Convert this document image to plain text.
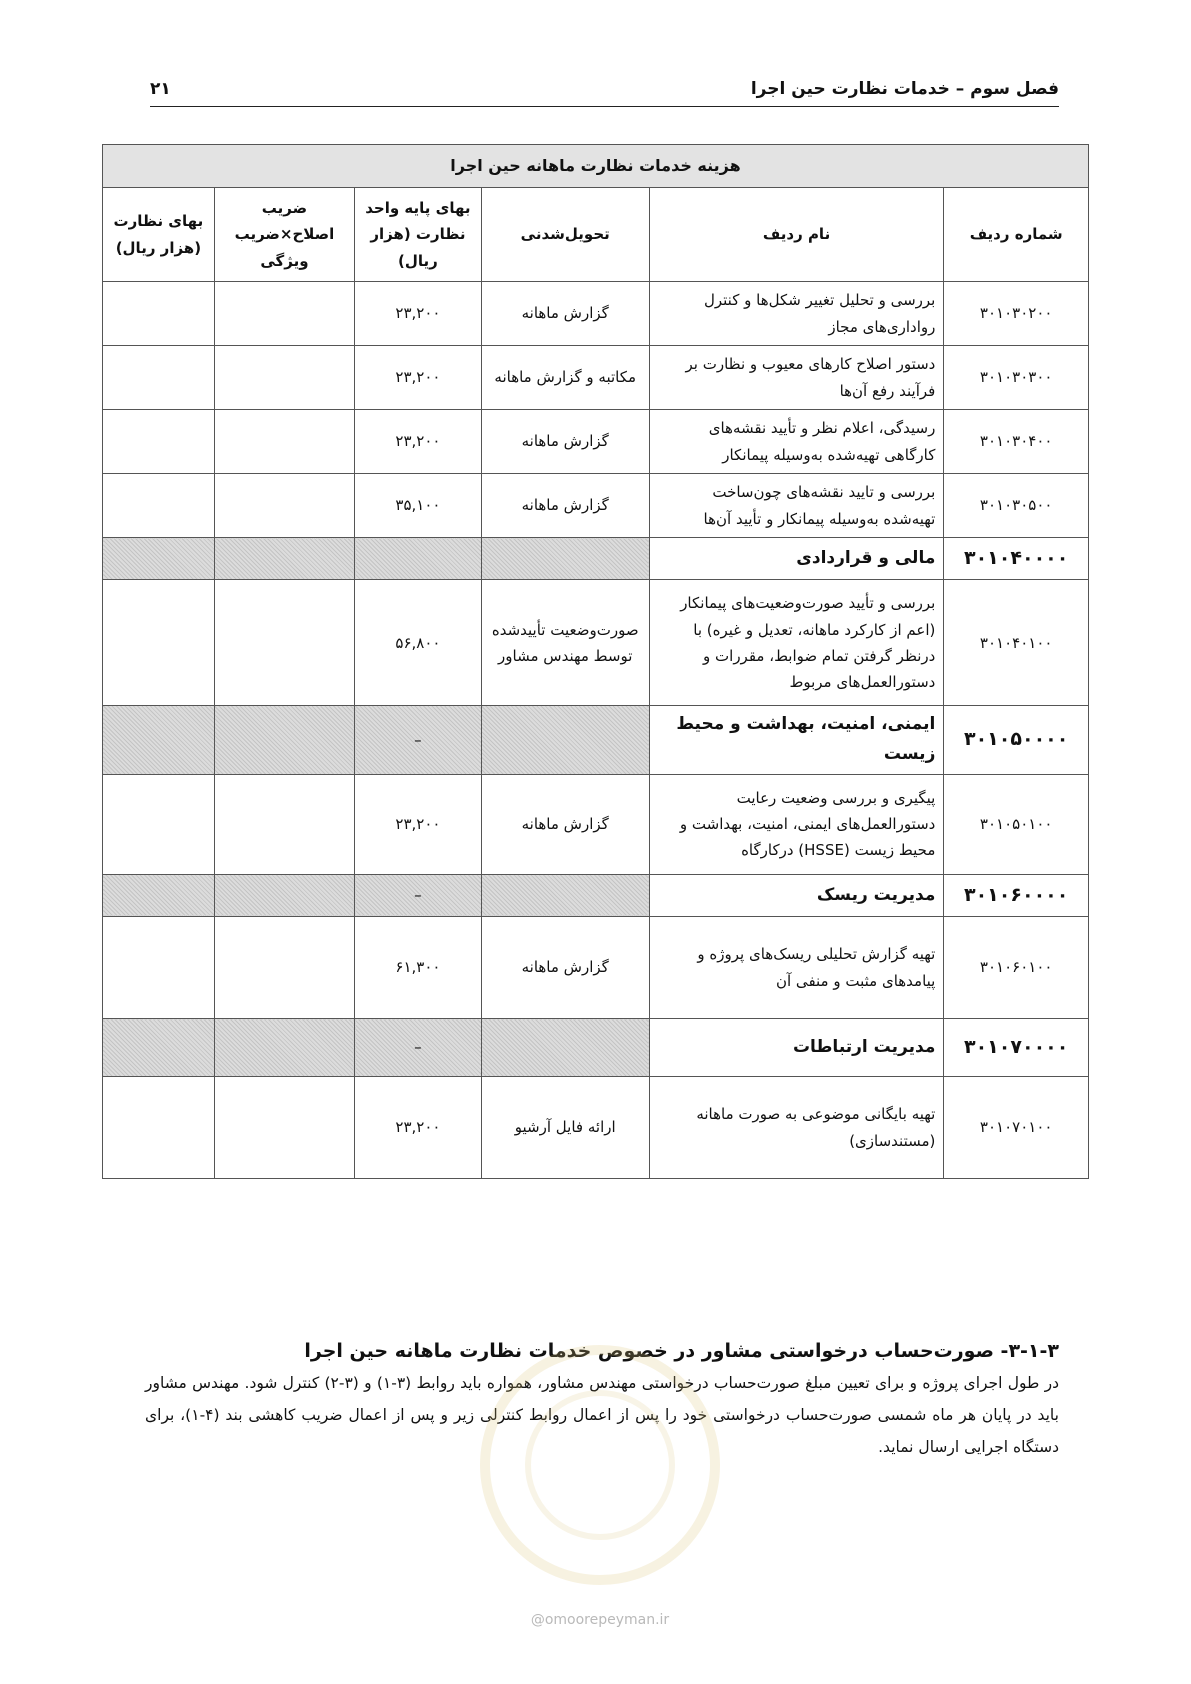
فصل سوم – خدمات نظارت حین اجرا
۲۱
هزینه خدمات نظارت ماهانه حین اجرا					
شماره ردیف	نام ردیف	تحویل‌شدنی	بهای پایه واحد نظارت (هزار ریال)	ضریب اصلاح×ضریب ویژگی	بهای نظارت (هزار ریال)
۳۰۱۰۳۰۲۰۰	بررسی و تحلیل تغییر شکل‌ها و کنترل رواداری‌های مجاز	گزارش ماهانه	۲۳,۲۰۰		
۳۰۱۰۳۰۳۰۰	دستور اصلاح کارهای معیوب و نظارت بر فرآیند رفع آن‌ها	مکاتبه و گزارش ماهانه	۲۳,۲۰۰		
۳۰۱۰۳۰۴۰۰	رسیدگی، اعلام نظر و تأیید نقشه‌های کارگاهی تهیه‌شده به‌وسیله پیمانکار	گزارش ماهانه	۲۳,۲۰۰		
۳۰۱۰۳۰۵۰۰	بررسی و تایید نقشه‌های چون‌ساخت تهیه‌شده به‌وسیله پیمانکار و تأیید آن‌ها	گزارش ماهانه	۳۵,۱۰۰		
۳۰۱۰۴۰۰۰۰	مالی و قراردادی				
۳۰۱۰۴۰۱۰۰	بررسی و تأیید صورت‌وضعیت‌های پیمانکار (اعم از کارکرد ماهانه، تعدیل و غیره) با درنظر گرفتن تمام ضوابط، مقررات و دستورالعمل‌های مربوط	صورت‌وضعیت تأییدشده توسط مهندس مشاور	۵۶,۸۰۰		
۳۰۱۰۵۰۰۰۰	ایمنی، امنیت، بهداشت و محیط زیست		–		
۳۰۱۰۵۰۱۰۰	پیگیری و بررسی وضعیت رعایت دستورالعمل‌های ایمنی، امنیت، بهداشت و محیط زیست (HSSE) درکارگاه	گزارش ماهانه	۲۳,۲۰۰		
۳۰۱۰۶۰۰۰۰	مدیریت ریسک		–		
۳۰۱۰۶۰۱۰۰	تهیه گزارش تحلیلی ریسک‌های پروژه و پیامدهای مثبت و منفی آن	گزارش ماهانه	۶۱,۳۰۰		
۳۰۱۰۷۰۰۰۰	مدیریت ارتباطات		–		
۳۰۱۰۷۰۱۰۰	تهیه بایگانی موضوعی به صورت ماهانه (مستندسازی)	ارائه فایل آرشیو	۲۳,۲۰۰		
۳-۱-۳- صورت‌حساب درخواستی مشاور در خصوص خدمات نظارت ماهانه حین اجرا

در طول اجرای پروژه و برای تعیین مبلغ صورت‌حساب درخواستی مهندس مشاور، همواره باید روابط (۳-۱) و (۳-۲) کنترل شود. مهندس مشاور باید در پایان هر ماه شمسی صورت‌حساب درخواستی خود را پس از اعمال روابط کنترلی زیر و پس از اعمال ضریب کاهشی بند (۴-۱)، برای دستگاه اجرایی ارسال نماید.

@omoorepeyman.ir
